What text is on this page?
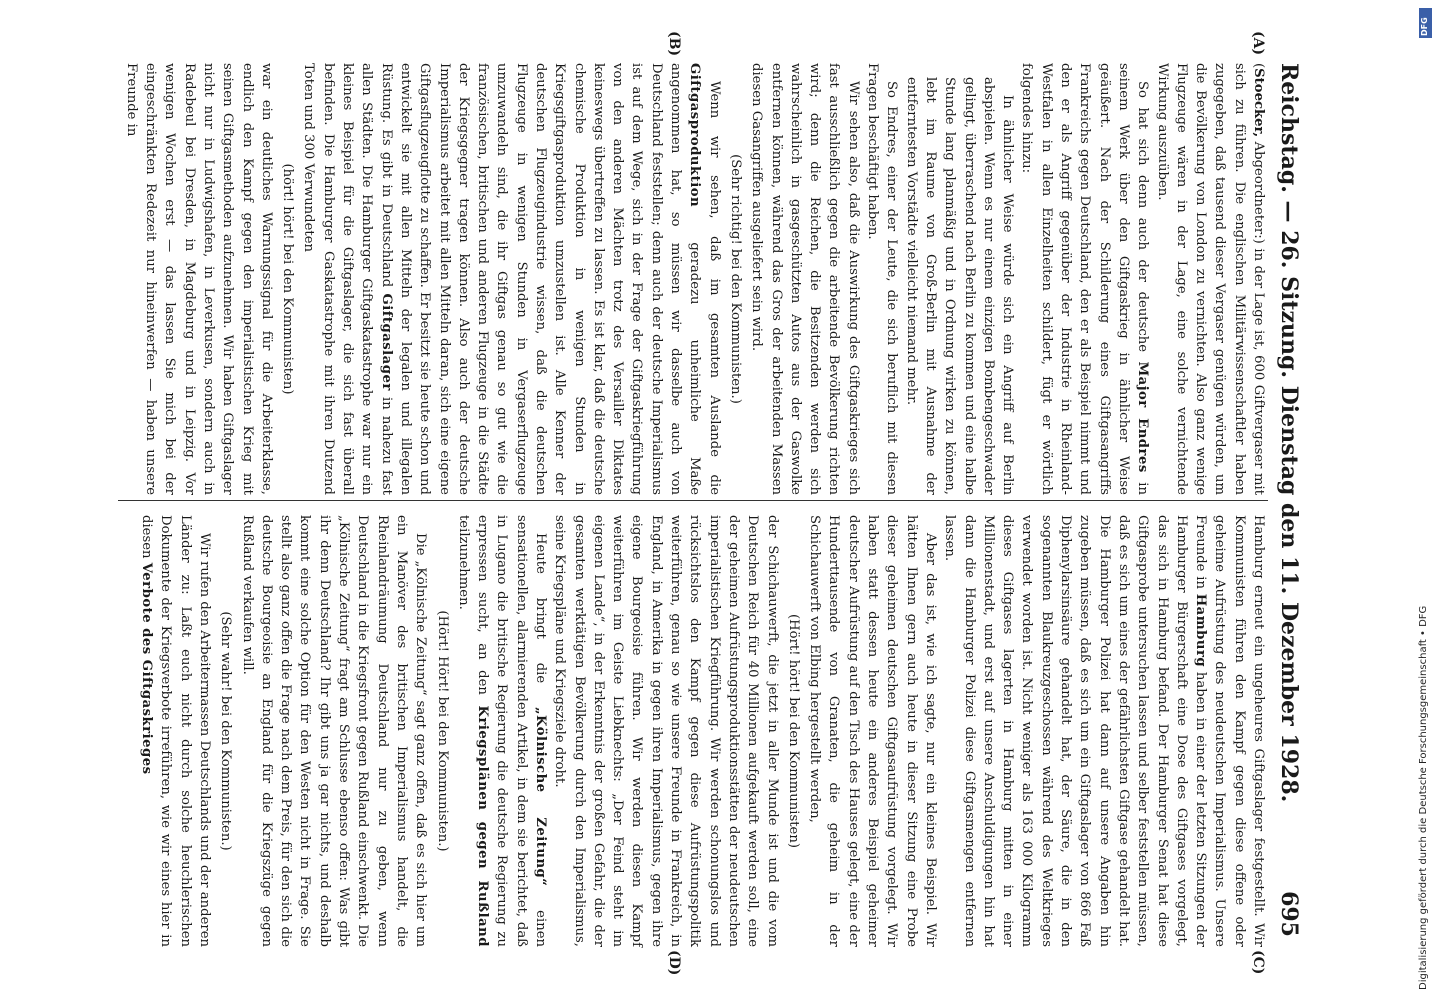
Reichstag. — 26. Sitzung. Dienstag den 11. Dezember 1928.
695
(A)
(B)
(C)
(D)

(Stoecker, Abgeordneter:) in der Lage ist, 600 Giftvergaser mit sich zu führen. Die englischen Militärwissenschaftler haben zugegeben, daß tausend dieser Vergaser genügen würden, um die Bevölkerung von London zu vernichten. Also ganz wenige Flugzeuge wären in der Lage, eine solche vernichtende Wirkung auszuüben.

So hat sich denn auch der deutsche Major Endres in seinem Werk über den Giftgaskrieg in ähnlicher Weise geäußert. Nach der Schilderung eines Giftgasangriffs Frankreichs gegen Deutschland, den er als Beispiel nimmt und den er als Angriff gegenüber der Industrie in Rheinland-Westfalen in allen Einzelheiten schildert, fügt er wörtlich folgendes hinzu:

In ähnlicher Weise würde sich ein Angriff auf Berlin abspielen. Wenn es nur einem einzigen Bombengeschwader gelingt, überraschend nach Berlin zu kommen und eine halbe Stunde lang planmäßig und in Ordnung wirken zu können, lebt im Raume von Groß-Berlin mit Ausnahme der entferntesten Vorstädte vielleicht niemand mehr.

So Endres, einer der Leute, die sich beruflich mit diesen Fragen beschäftigt haben.

Wir sehen also, daß die Auswirkung des Giftgaskrieges sich fast ausschließlich gegen die arbeitende Bevölkerung richten wird; denn die Reichen, die Besitzenden werden sich wahrscheinlich in gasgeschützten Autos aus der Gaswolke entfernen können, während das Gros der arbeitenden Massen diesen Gasangriffen ausgeliefert sein wird.

(Sehr richtig! bei den Kommunisten.)

Wenn wir sehen, daß im gesamten Auslande die Giftgasproduktion geradezu unheimliche Maße angenommen hat, so müssen wir dasselbe auch von Deutschland feststellen; denn auch der deutsche Imperialismus ist auf dem Wege, sich in der Frage der Giftgaskriegführung von den anderen Mächten trotz des Versailler Diktates keineswegs übertreffen zu lassen. Es ist klar, daß die deutsche chemische Produktion in wenigen Stunden in Kriegsgiftgasproduktion umzustellen ist. Alle Kenner der deutschen Flugzeugindustrie wissen, daß die deutschen Flugzeuge in wenigen Stunden in Vergaserflugzeuge umzuwandeln sind, die ihr Giftgas genau so gut wie die französischen, britischen und anderen Flugzeuge in die Städte der Kriegsgegner tragen können. Also auch der deutsche Imperialismus arbeitet mit allen Mitteln daran, sich eine eigene Giftgasflugzeugflotte zu schaffen. Er besitzt sie heute schon und entwickelt sie mit allen Mitteln der legalen und illegalen Rüstung. Es gibt in Deutschland Giftgaslager in nahezu fast allen Städten. Die Hamburger Giftgaskatastrophe war nur ein kleines Beispiel für die Giftgaslager, die sich fast überall befinden. Die Hamburger Gaskatastrophe mit ihren Dutzend Toten und 300 Verwundeten

(hört! hört! bei den Kommunisten)

war ein deutliches Warnungssignal für die Arbeiterklasse, endlich den Kampf gegen den imperialistischen Krieg mit seinen Giftgasmethoden aufzunehmen. Wir haben Giftgaslager nicht nur in Ludwigshafen, in Leverkusen, sondern auch in Radebeul bei Dresden, in Magdeburg und in Leipzig. Vor wenigen Wochen erst — das lassen Sie mich bei der eingeschränkten Redezeit nur hineinwerfen — haben unsere Freunde in

Hamburg erneut ein ungeheures Giftgaslager festgestellt. Wir Kommunisten führen den Kampf gegen diese offene oder geheime Aufrüstung des neudeutschen Imperialismus. Unsere Freunde in Hamburg haben in einer der letzten Sitzungen der Hamburger Bürgerschaft eine Dose des Giftgases vorgelegt, das sich in Hamburg befand. Der Hamburger Senat hat diese Giftgasprobe untersuchen lassen und selber feststellen müssen, daß es sich um eines der gefährlichsten Giftgase gehandelt hat. Die Hamburger Polizei hat dann auf unsere Angaben hin zugeben müssen, daß es sich um ein Giftgaslager von 866 Faß Diphenylarsinsäure gehandelt hat, der Säure, die in den sogenannten Blaukreuzgeschossen während des Weltkrieges verwendet worden ist. Nicht weniger als 163 000 Kilogramm dieses Giftgases lagerten in Hamburg mitten in einer Millionenstadt, und erst auf unsere Anschuldigungen hin hat dann die Hamburger Polizei diese Giftgasmengen entfernen lassen.

Aber das ist, wie ich sagte, nur ein kleines Beispiel. Wir hätten Ihnen gern auch heute in dieser Sitzung eine Probe dieser geheimen deutschen Giftgasaufrüstung vorgelegt. Wir haben statt dessen heute ein anderes Beispiel geheimer deutscher Aufrüstung auf den Tisch des Hauses gelegt, eine der Hunderttausende von Granaten, die geheim in der Schichauwerft von Elbing hergestellt werden,

(Hört! hört! bei den Kommunisten)

der Schichauwerft, die jetzt in aller Munde ist und die vom Deutschen Reich für 40 Millionen aufgekauft werden soll, eine der geheimen Aufrüstungsproduktionsstätten der neudeutschen imperialistischen Kriegführung. Wir werden schonungslos und rücksichtslos den Kampf gegen diese Aufrüstungspolitik weiterführen, genau so wie unsere Freunde in Frankreich, in England, in Amerika in gegen ihren Imperialismus, gegen ihre eigene Bourgeoisie führen. Wir werden diesen Kampf weiterführen im Geiste Liebknechts: „Der Feind steht im eigenen Lande“, in der Erkenntnis der großen Gefahr, die der gesamten werktätigen Bevölkerung durch den Imperialismus, seine Kriegspläne und Kriegsziele droht.

Heute bringt die „Kölnische Zeitung“ einen sensationellen, alarmierenden Artikel, in dem sie berichtet, daß in Lugano die britische Regierung die deutsche Regierung zu erpressen sucht, an den Kriegsplänen gegen Rußland teilzunehmen.

(Hört! Hört! bei den Kommunisten.)

Die „Kölnische Zeitung“ sagt ganz offen, daß es sich hier um ein Manöver des britischen Imperialismus handelt, die Rheinlandräumung Deutschland nur zu geben, wenn Deutschland in die Kriegsfront gegen Rußland einschwenkt. Die „Kölnische Zeitung“ fragt am Schlusse ebenso offen: Was gibt ihr denn Deutschland? Ihr gibt uns ja gar nichts, und deshalb kommt eine solche Option für den Westen nicht in Frage. Sie stellt also ganz offen die Frage nach dem Preis, für den sich die deutsche Bourgeoisie an England für die Kriegszüge gegen Rußland verkaufen will.

(Sehr wahr! bei den Kommunisten.)

Wir rufen den Arbeitermassen Deutschlands und der anderen Länder zu: Laßt euch nicht durch solche heuchlerischen Dokumente der Kriegsverbote irreführen, wie wir eines hier in diesen Verbote des Giftgaskrieges

DFG
Digitalisierung gefördert durch die Deutsche Forschungsgemeinschaft • DFG
